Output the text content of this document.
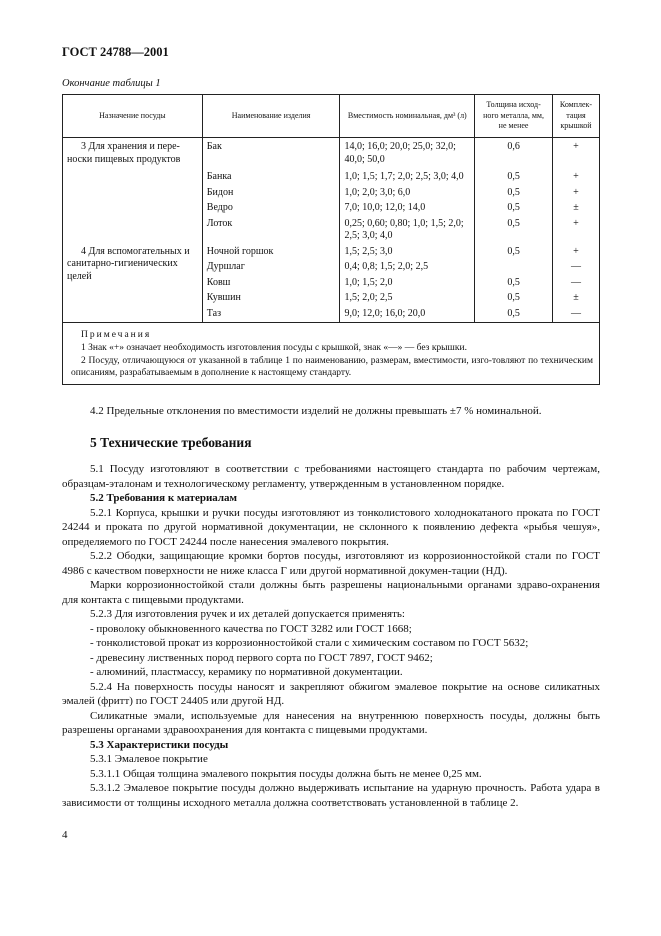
ГОСТ 24788—2001
Окончание таблицы 1
Назначение посуды	Наименование изделия	Вместимость номинальная, дм³ (л)	Толщина исход-ного металла, мм, не менее	Комплек-тация крышкой
3 Для хранения и пере-носки пищевых продуктов	Бак	14,0; 16,0; 20,0; 25,0; 32,0; 40,0; 50,0	0,6	+
	Банка	1,0; 1,5; 1,7; 2,0; 2,5; 3,0; 4,0	0,5	+
	Бидон	1,0; 2,0; 3,0; 6,0	0,5	+
	Ведро	7,0; 10,0; 12,0; 14,0	0,5	±
	Лоток	0,25; 0,60; 0,80; 1,0; 1,5; 2,0; 2,5; 3,0; 4,0	0,5	+
4 Для вспомогательных и санитарно-гигиенических целей	Ночной горшок	1,5; 2,5; 3,0	0,5	+
	Дуршлаг	0,4; 0,8; 1,5; 2,0; 2,5		—
	Ковш	1,0; 1,5; 2,0	0,5	—
	Кувшин	1,5; 2,0; 2,5	0,5	±
	Таз	9,0; 12,0; 16,0; 20,0	0,5	—

Примечания

1 Знак «+» означает необходимость изготовления посуды с крышкой, знак «—» — без крышки.

2 Посуду, отличающуюся от указанной в таблице 1 по наименованию, размерам, вместимости, изго-товляют по техническим описаниям, разрабатываемым в дополнение к настоящему стандарту.				

4.2 Предельные отклонения по вместимости изделий не должны превышать ±7 % номинальной.

5 Технические требования

5.1 Посуду изготовляют в соответствии с требованиями настоящего стандарта по рабочим чертежам, образцам-эталонам и технологическому регламенту, утвержденным в установленном порядке.

5.2 Требования к материалам

5.2.1 Корпуса, крышки и ручки посуды изготовляют из тонколистового холоднокатаного проката по ГОСТ 24244 и проката по другой нормативной документации, не склонного к появлению дефекта «рыбья чешуя», определяемого по ГОСТ 24244 после нанесения эмалевого покрытия.

5.2.2 Ободки, защищающие кромки бортов посуды, изготовляют из коррозионностойкой стали по ГОСТ 4986 с качеством поверхности не ниже класса Г или другой нормативной докумен-тации (НД).

Марки коррозионностойкой стали должны быть разрешены национальными органами здраво-охранения для контакта с пищевыми продуктами.

5.2.3 Для изготовления ручек и их деталей допускается применять:

- проволоку обыкновенного качества по ГОСТ 3282 или ГОСТ 1668;

- тонколистовой прокат из коррозионностойкой стали с химическим составом по ГОСТ 5632;

- древесину лиственных пород первого сорта по ГОСТ 7897, ГОСТ 9462;

- алюминий, пластмассу, керамику по нормативной документации.

5.2.4 На поверхность посуды наносят и закрепляют обжигом эмалевое покрытие на основе силикатных эмалей (фритт) по ГОСТ 24405 или другой НД.

Силикатные эмали, используемые для нанесения на внутреннюю поверхность посуды, должны быть разрешены органами здравоохранения для контакта с пищевыми продуктами.

5.3 Характеристики посуды

5.3.1 Эмалевое покрытие

5.3.1.1 Общая толщина эмалевого покрытия посуды должна быть не менее 0,25 мм.

5.3.1.2 Эмалевое покрытие посуды должно выдерживать испытание на ударную прочность. Работа удара в зависимости от толщины исходного металла должна соответствовать установленной в таблице 2.

4
